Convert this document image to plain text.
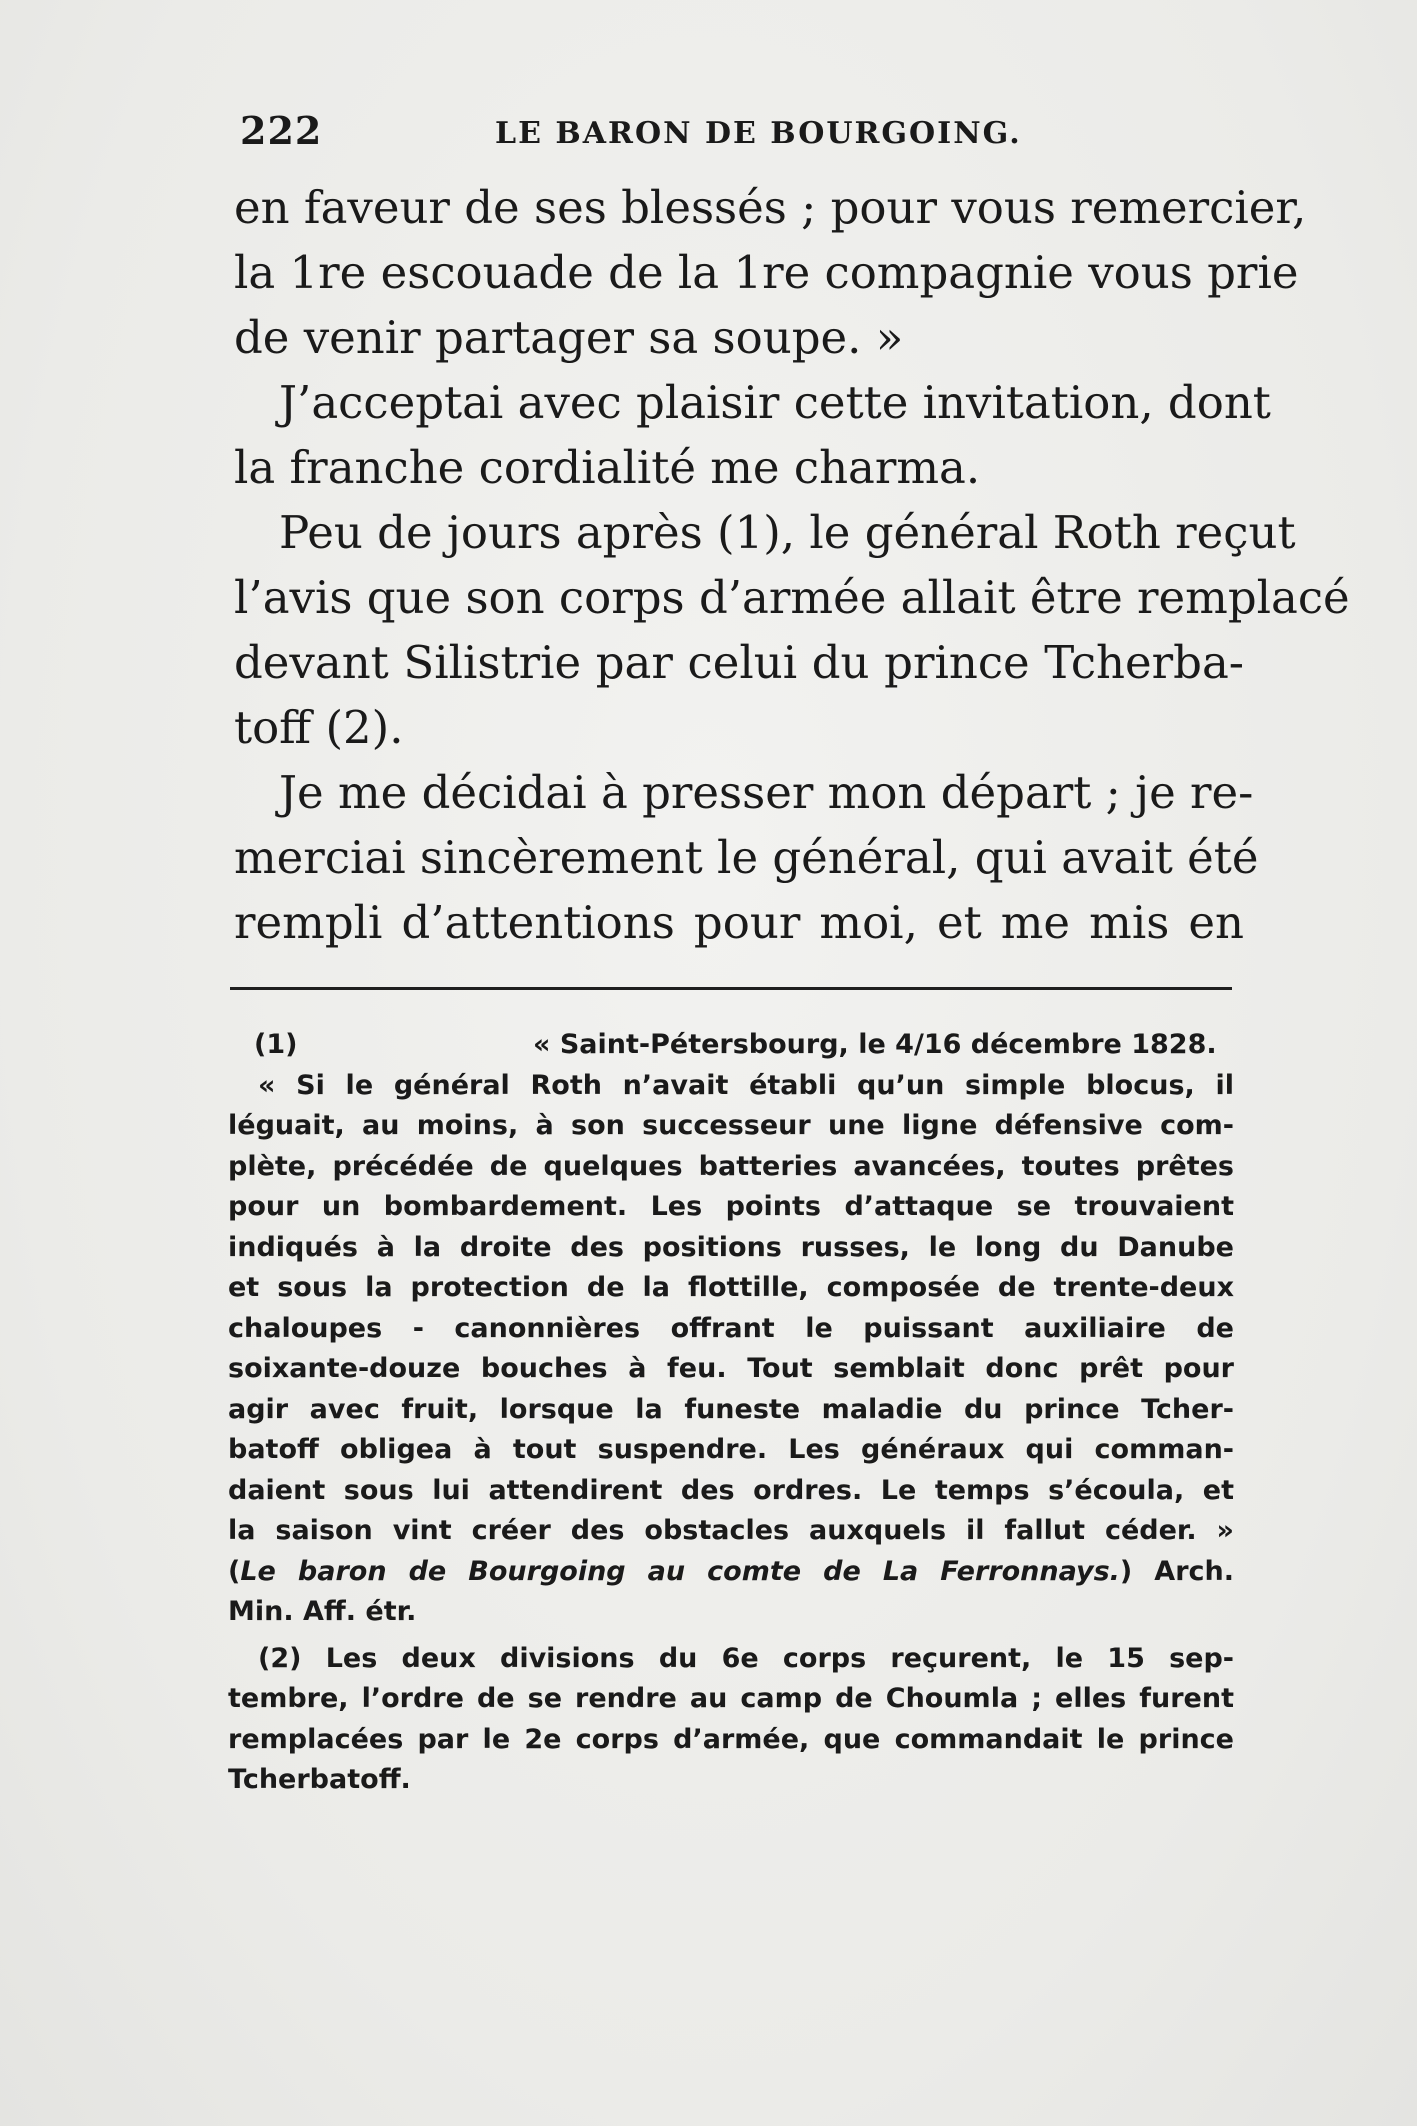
222	LE BARON DE BOURGOING.
en faveur de ses blessés ; pour vous remercier,
la 1re escouade de la 1re compagnie vous prie
de venir partager sa soupe. »
J’acceptai avec plaisir cette invitation, dont
la franche cordialité me charma.
Peu de jours après (1), le général Roth reçut
l’avis que son corps d’armée allait être remplacé
devant Silistrie par celui du prince Tcherba-
toff (2).
Je me décidai à presser mon départ ; je re-
merciai sincèrement le général, qui avait été
rempli d’attentions pour moi, et me mis en
(1)	« Saint-Pétersbourg, le 4/16 décembre 1828.
« Si le général Roth n’avait établi qu’un simple blocus, il
léguait, au moins, à son successeur une ligne défensive com-
plète, précédée de quelques batteries avancées, toutes prêtes
pour un bombardement. Les points d’attaque se trouvaient
indiqués à la droite des positions russes, le long du Danube
et sous la protection de la flottille, composée de trente-deux
chaloupes - canonnières offrant le puissant auxiliaire de
soixante-douze bouches à feu. Tout semblait donc prêt pour
agir avec fruit, lorsque la funeste maladie du prince Tcher-
batoff obligea à tout suspendre. Les généraux qui comman-
daient sous lui attendirent des ordres. Le temps s’écoula, et
la saison vint créer des obstacles auxquels il fallut céder. »
(Le baron de Bourgoing au comte de La Ferronnays.) Arch.
Min. Aff. étr.
(2) Les deux divisions du 6e corps reçurent, le 15 sep-
tembre, l’ordre de se rendre au camp de Choumla ; elles furent
remplacées par le 2e corps d’armée, que commandait le prince
Tcherbatoff.
